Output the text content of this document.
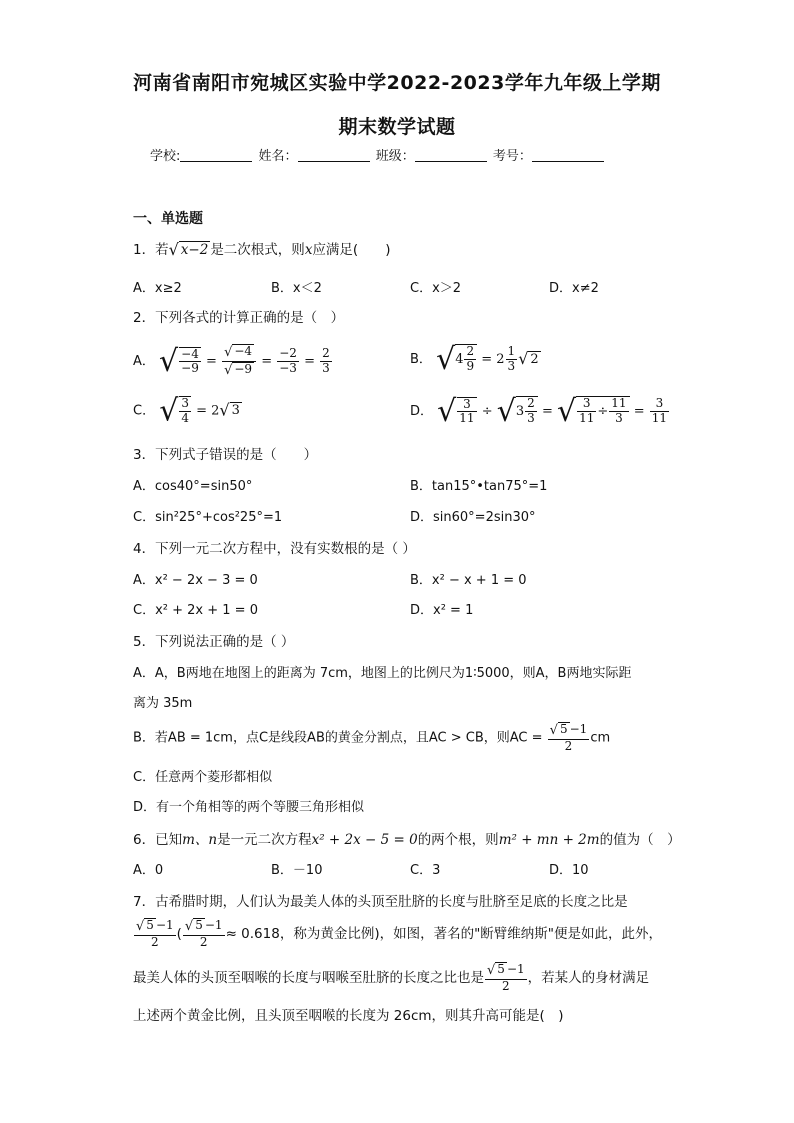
河南省南阳市宛城区实验中学2022-2023学年九年级上学期
期末数学试题
学校:	姓名：	班级：	考号：
一、单选题
1．若√ x−2 是二次根式，则x应满足(　　)
A．x≥2	B．x＜2	C．x＞2	D．x≠2
2．下列各式的计算正确的是（　）
A． √ $\frac{-4}{-9} = \frac{√ -4}{√ -9} = \frac{-2}{-3} = \frac{2}{3}$	B． $√4 \frac{2}{9} = 2 \frac{1}{3}$ √ 2
C． √ $\frac{3}{4} = 2√$ 3	D． √ $\frac{3}{11} \div √3 \frac{2}{3}$ = √ $\frac{3}{11} \div \frac{11}{3} = \frac{3}{11}$
3．下列式子错误的是（　　）
A．cos40°=sin50°	B．tan15°•tan75°=1
C．sin²25°+cos²25°=1	D．sin60°=2sin30°
4．下列一元二次方程中，没有实数根的是（ ）
A．x² − 2x − 3 = 0	B．x² − x + 1 = 0
C．x² + 2x + 1 = 0	D．x² = 1
5．下列说法正确的是（ ）
A．A，B两地在地图上的距离为 7cm，地图上的比例尺为1∶5000，则A，B两地实际距
离为 35m
B．若AB = 1cm，点C是线段AB的黄金分割点，且AC > CB，则AC = $\frac{√ 5 -1}{2}$ cm
C．任意两个菱形都相似
D．有一个角相等的两个等腰三角形相似
6．已知m、n是一元二次方程x² + 2x − 5 = 0的两个根，则m² + mn + 2m的值为（　）
A．0	B．－10	C．3	D．10
7．古希腊时期，人们认为最美人体的头顶至肚脐的长度与肚脐至足底的长度之比是
$\frac{√ 5 -1}{2}$ ( $\frac{√ 5 -1}{2} \approx 0.618$，称为黄金比例)，如图，著名的"断臂维纳斯"便是如此，此外，
最美人体的头顶至咽喉的长度与咽喉至肚脐的长度之比也是 $\frac{√ 5 -1}{2}$ ，若某人的身材满足
上述两个黄金比例，且头顶至咽喉的长度为 26cm，则其升高可能是(　)
